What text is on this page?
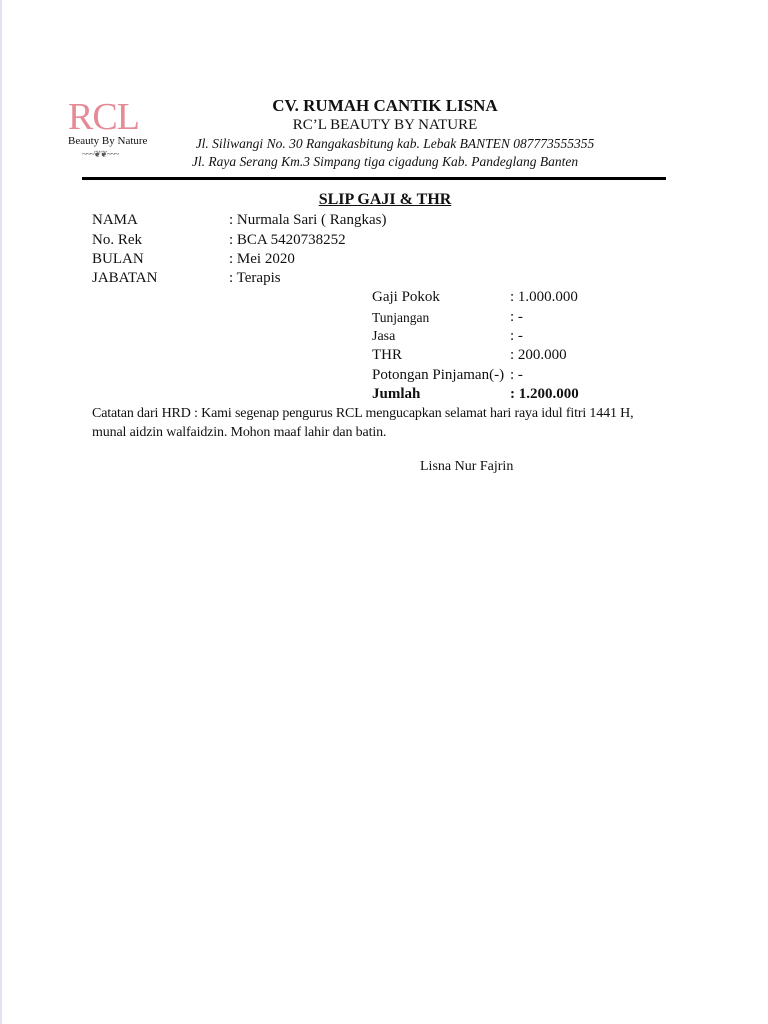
RCL
Beauty By Nature
~~~❦❦~~~
CV. RUMAH CANTIK LISNA
RC’L BEAUTY BY NATURE
Jl. Siliwangi No. 30 Rangakasbitung kab. Lebak BANTEN 087773555355
Jl. Raya Serang Km.3 Simpang tiga cigadung Kab. Pandeglang Banten
SLIP GAJI & THR
NAMA	: Nurmala Sari ( Rangkas)
No. Rek	: BCA 5420738252
BULAN	: Mei 2020
JABATAN	: Terapis
Gaji Pokok	: 1.000.000
Tunjangan	: -
Jasa	: -
THR	: 200.000
Potongan Pinjaman(-) : -
Jumlah	: 1.200.000
Catatan dari HRD : Kami segenap pengurus RCL mengucapkan selamat hari raya idul fitri 1441 H,
munal aidzin walfaidzin. Mohon maaf lahir dan batin.
Lisna Nur Fajrin
